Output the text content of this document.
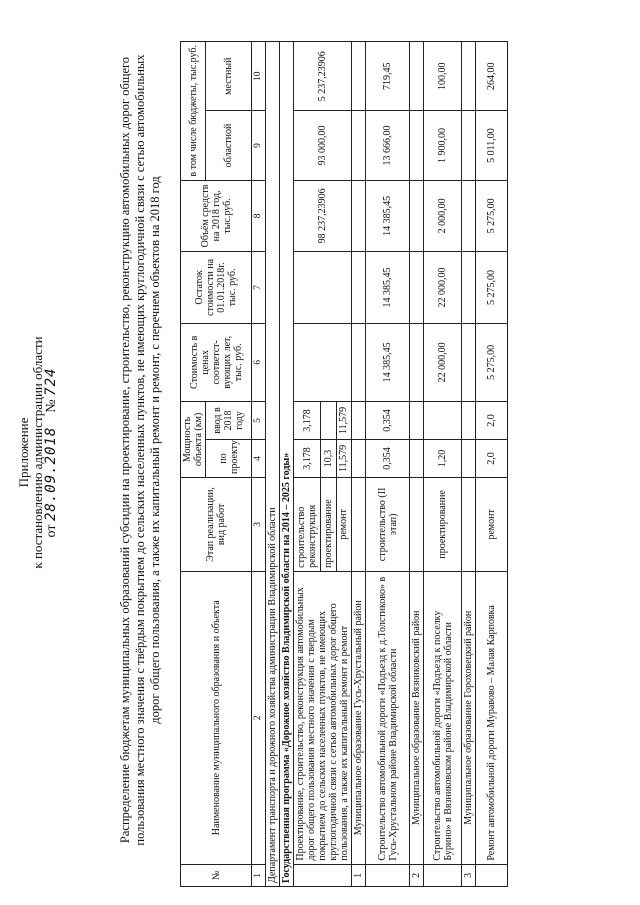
Приложение к постановлению администрации области от 28.09.2018    № 724	Распределение бюджетам муниципальных образований субсидии на проектирование, строительство, реконструкцию автомобильных дорог общего пользования местного значения с твёрдым покрытием до сельских населенных пунктов, не имеющих круглогодичной связи с сетью автомобильных дорог общего пользования, а также их капитальный ремонт и ремонт, с перечнем объектов на 2018 год
№	Наименование муниципального образования и объекта	Этап реализации, вид работ	Мощность объекта (км)		Стоимость в ценах соответст-вующих лет, тыс. руб.	Остаток стоимости на 01.01.2018г. тыс. руб.	Объём средств на 2018 год, тыс.руб.	в том числе бюджеты, тыс.руб.	
			по проекту	ввод в 2018 году				областной	местный
1	2	3	4	5	6	7	8	9	10
Департамент транспорта и дорожного хозяйства администрации Владимирской области									
Государственная программа «Дорожное хозяйство Владимирской области на 2014 – 2025 годы»									
	Проектирование, строительство, реконструкция автомобильных дорог общего пользования местного значения с твердым покрытием до сельских населенных пунктов, не имеющих круглогодичной связи с сетью автомобильных дорог общего пользования, а также их капитальный ремонт и ремонт	строительство реконструкция	3,178	3,178			98 237,23906	93 000,00	5 237,23906
		проектирование	10,3						
		ремонт	11,579	11,579					
1	Муниципальное образование Гусь-Хрустальный район								
	Строительство автомобильной дороги «Подъезд к д.Толстиково» в Гусь-Хрустальном районе Владимирской области	строительство (II этап)	0,354	0,354	14 385,45	14 385,45	14 385,45	13 666,00	719,45
2	Муниципальное образование Вязниковский район								
	Строительство автомобильной дороги «Подъезд к поселку Бурино» в Вязниковском районе Владимирской области	проектирование	1,20		22 000,00	22 000,00	2 000,00	1 900,00	100,00
3	Муниципальное образование Гороховецкий район								
	Ремонт автомобильной дороги Муравово – Малая Карповка	ремонт	2,0	2,0	5 275,00	5 275,00	5 275,00	5 011,00	264,00
